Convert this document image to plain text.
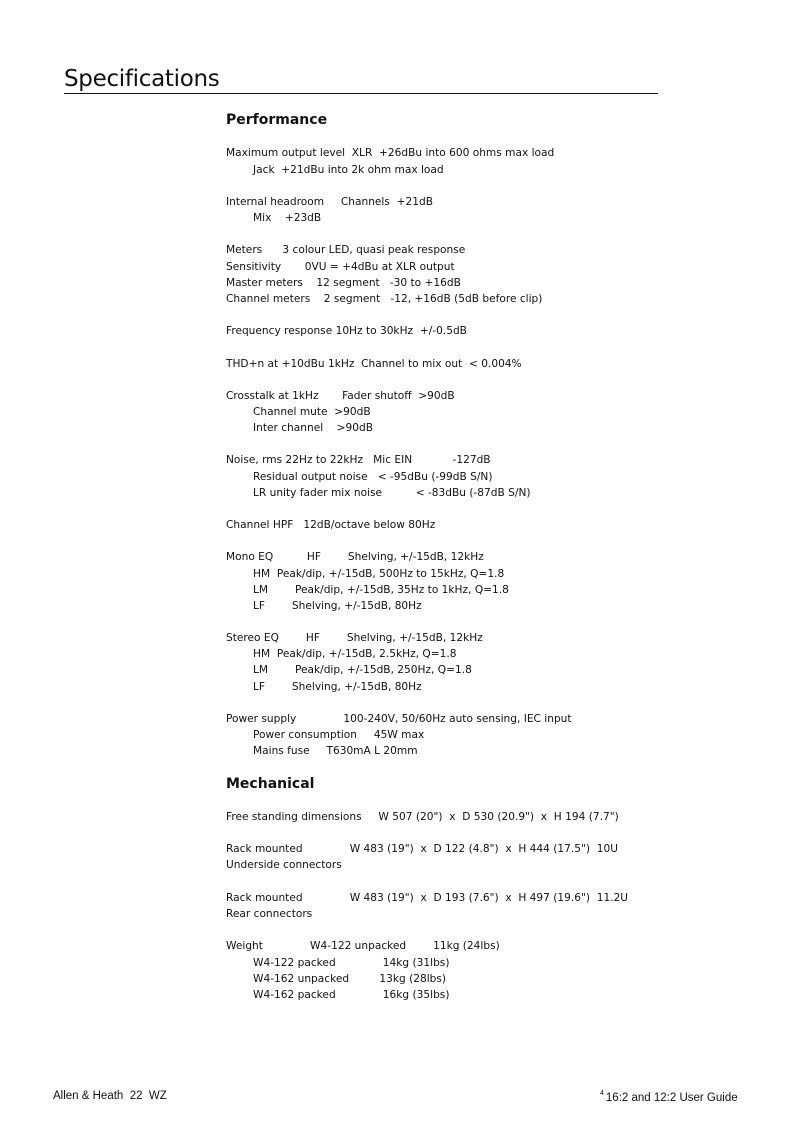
Specifications
Performance
Maximum output level  XLR  +26dBu into 600 ohms max load
Jack  +21dBu into 2k ohm max load
Internal headroom     Channels  +21dB
Mix    +23dB
Meters      3 colour LED, quasi peak response
Sensitivity       0VU = +4dBu at XLR output
Master meters    12 segment   -30 to +16dB
Channel meters    2 segment   -12, +16dB (5dB before clip)
Frequency response 10Hz to 30kHz  +/-0.5dB
THD+n at +10dBu 1kHz  Channel to mix out  < 0.004%
Crosstalk at 1kHz       Fader shutoff  >90dB
Channel mute  >90dB
Inter channel    >90dB
Noise, rms 22Hz to 22kHz   Mic EIN            -127dB
Residual output noise   < -95dBu (-99dB S/N)
LR unity fader mix noise          < -83dBu (-87dB S/N)
Channel HPF   12dB/octave below 80Hz
Mono EQ          HF        Shelving, +/-15dB, 12kHz
HM  Peak/dip, +/-15dB, 500Hz to 15kHz, Q=1.8
LM        Peak/dip, +/-15dB, 35Hz to 1kHz, Q=1.8
LF        Shelving, +/-15dB, 80Hz
Stereo EQ        HF        Shelving, +/-15dB, 12kHz
HM  Peak/dip, +/-15dB, 2.5kHz, Q=1.8
LM        Peak/dip, +/-15dB, 250Hz, Q=1.8
LF        Shelving, +/-15dB, 80Hz
Power supply              100-240V, 50/60Hz auto sensing, IEC input
Power consumption     45W max
Mains fuse     T630mA L 20mm
Mechanical
Free standing dimensions     W 507 (20")  x  D 530 (20.9")  x  H 194 (7.7")
Rack mounted              W 483 (19")  x  D 122 (4.8")  x  H 444 (17.5")  10U
Underside connectors
Rack mounted              W 483 (19")  x  D 193 (7.6")  x  H 497 (19.6")  11.2U
Rear connectors
Weight              W4-122 unpacked        11kg (24lbs)
W4-122 packed              14kg (31lbs)
W4-162 unpacked         13kg (28lbs)
W4-162 packed              16kg (35lbs)
Allen & Heath  22  WZ	$^4$ 16:2 and 12:2 User Guide
